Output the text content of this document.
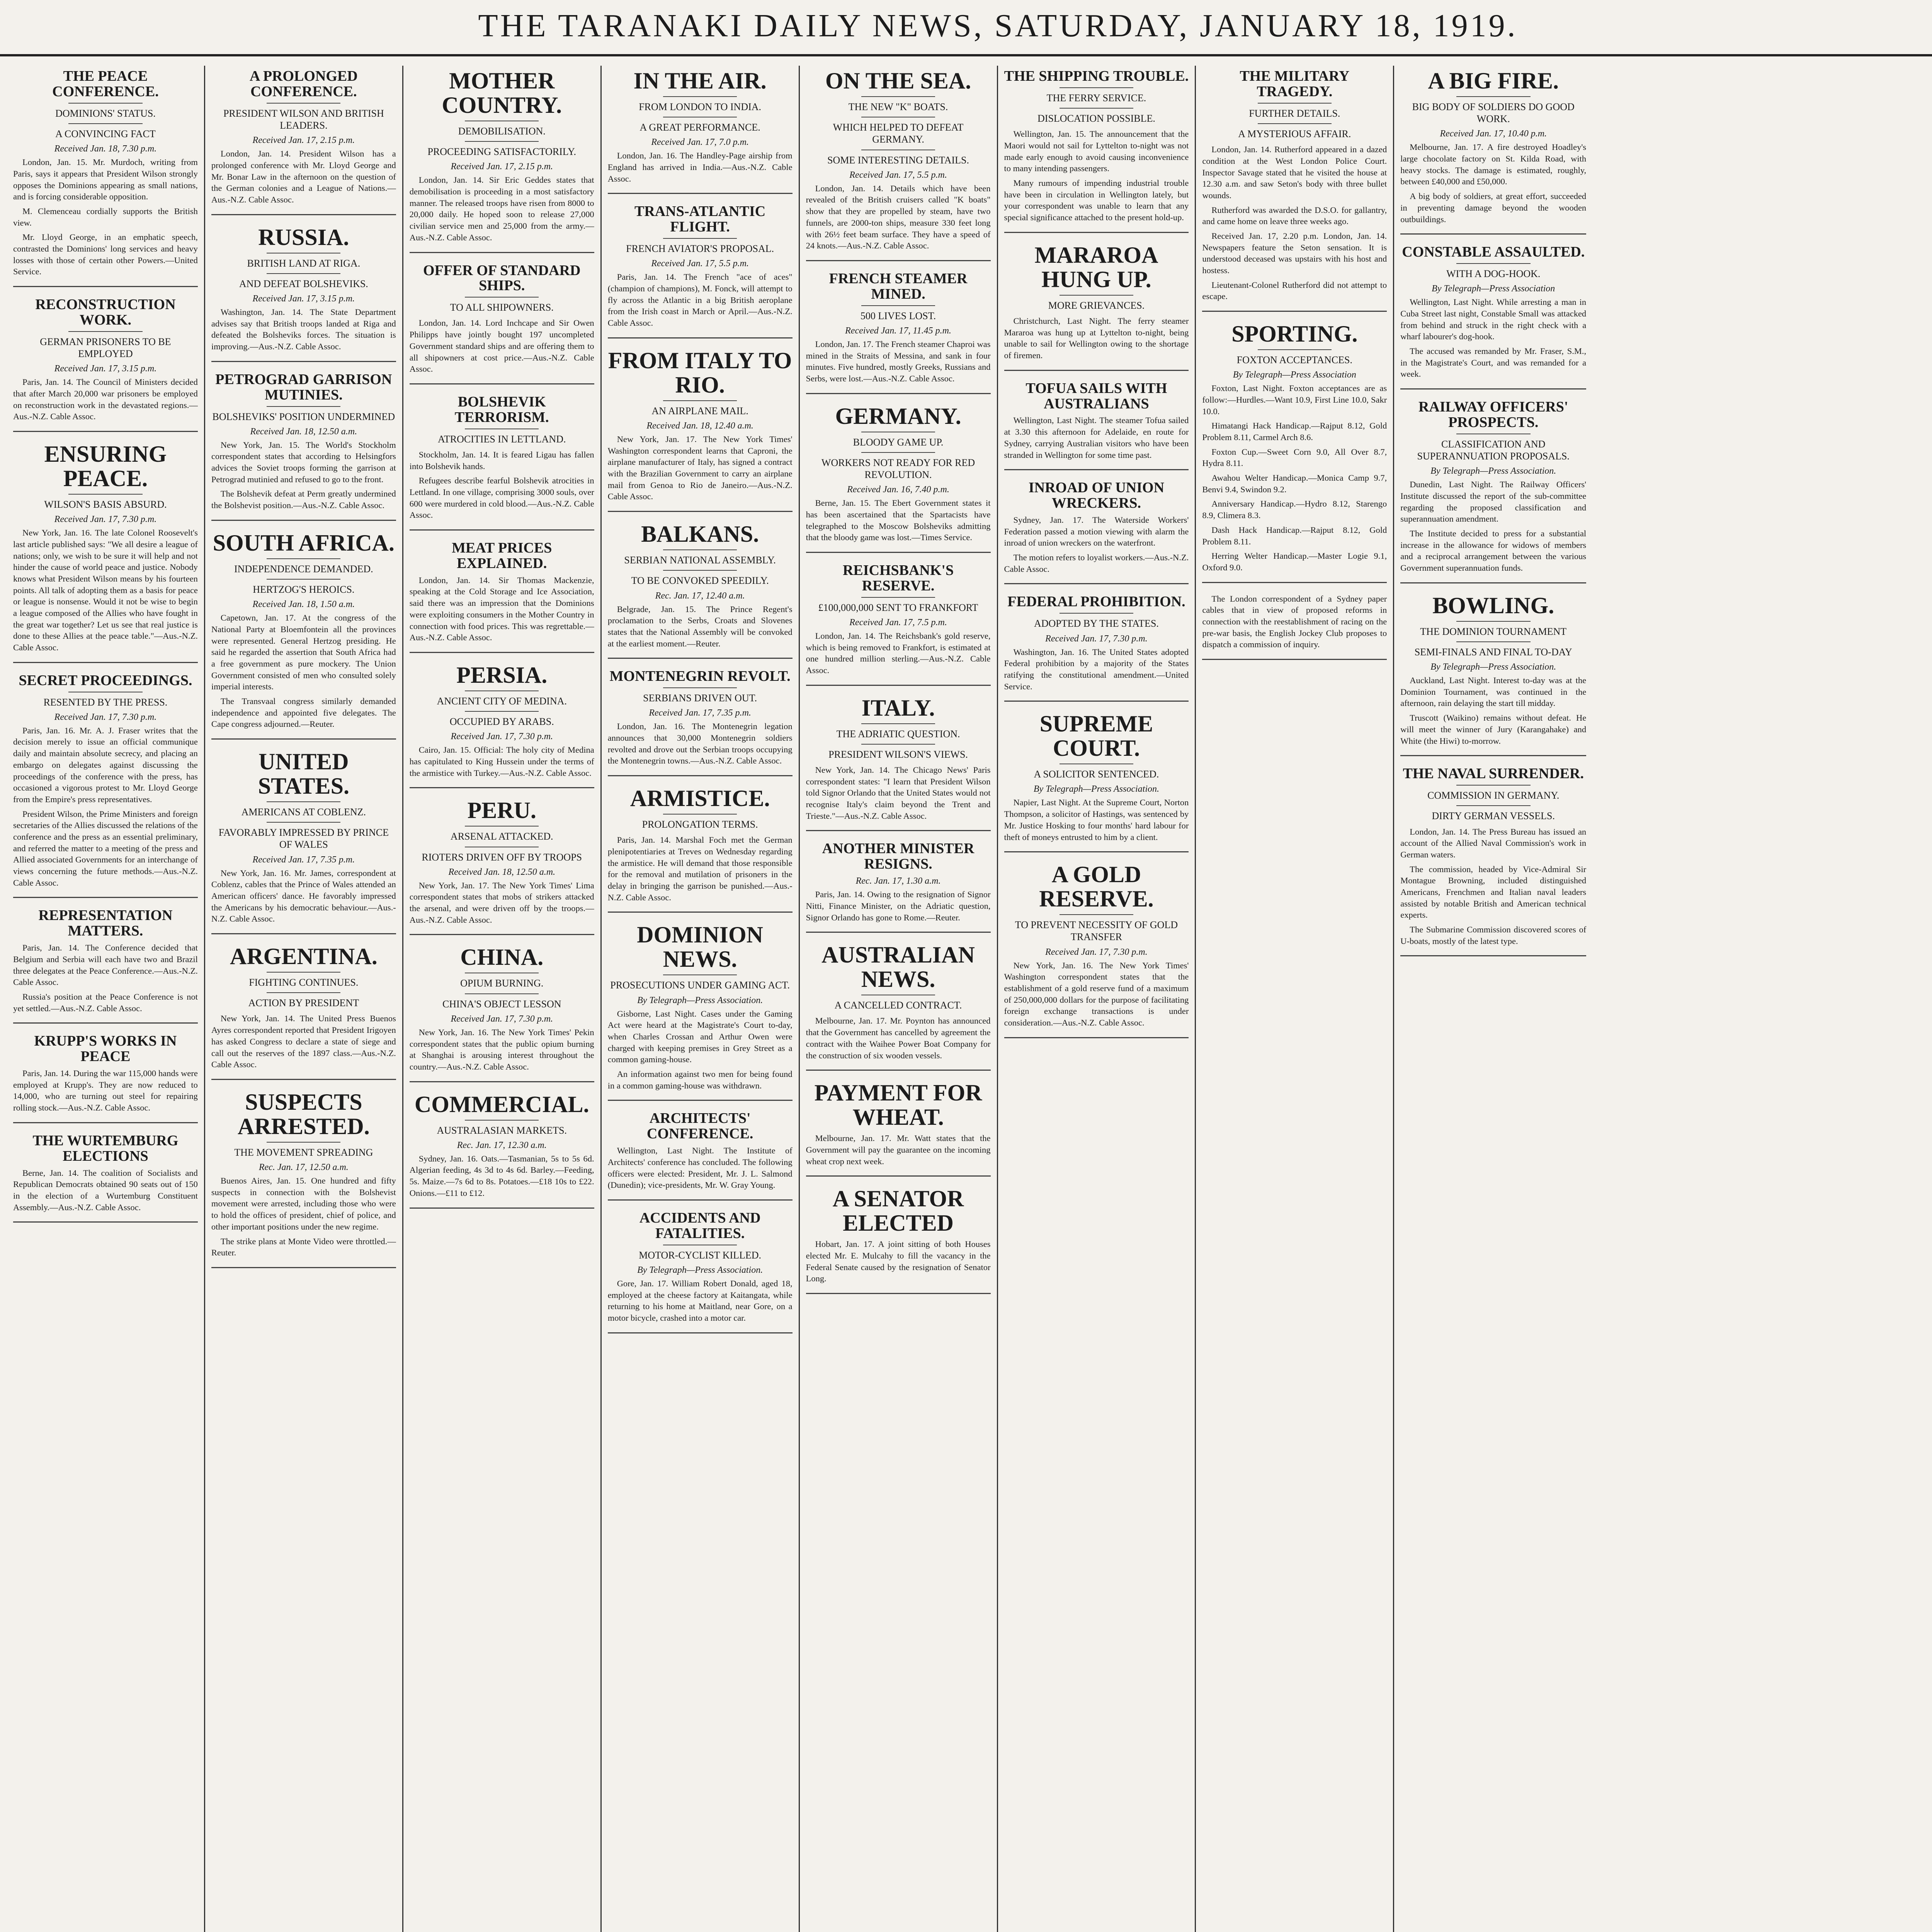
THE TARANAKI DAILY NEWS, SATURDAY, JANUARY 18, 1919.
THE PEACE CONFERENCE.
DOMINIONS' STATUS.
A CONVINCING FACT
Received Jan. 18, 7.30 p.m.

London, Jan. 15. Mr. Murdoch, writing from Paris, says it appears that President Wilson strongly opposes the Dominions appearing as small nations, and is forcing considerable opposition.

M. Clemenceau cordially supports the British view.

Mr. Lloyd George, in an emphatic speech, contrasted the Dominions' long services and heavy losses with those of certain other Powers.—United Service.

RECONSTRUCTION WORK.
GERMAN PRISONERS TO BE EMPLOYED
Received Jan. 17, 3.15 p.m.

Paris, Jan. 14. The Council of Ministers decided that after March 20,000 war prisoners be employed on reconstruction work in the devastated regions.—Aus.-N.Z. Cable Assoc.

ENSURING PEACE.
WILSON'S BASIS ABSURD.
Received Jan. 17, 7.30 p.m.

New York, Jan. 16. The late Colonel Roosevelt's last article published says: "We all desire a league of nations; only, we wish to be sure it will help and not hinder the cause of world peace and justice. Nobody knows what President Wilson means by his fourteen points. All talk of adopting them as a basis for peace or league is nonsense. Would it not be wise to begin a league composed of the Allies who have fought in the great war together? Let us see that real justice is done to these Allies at the peace table."—Aus.-N.Z. Cable Assoc.

SECRET PROCEEDINGS.
RESENTED BY THE PRESS.
Received Jan. 17, 7.30 p.m.

Paris, Jan. 16. Mr. A. J. Fraser writes that the decision merely to issue an official communique daily and maintain absolute secrecy, and placing an embargo on delegates against discussing the proceedings of the conference with the press, has occasioned a vigorous protest to Mr. Lloyd George from the Empire's press representatives.

President Wilson, the Prime Ministers and foreign secretaries of the Allies discussed the relations of the conference and the press as an essential preliminary, and referred the matter to a meeting of the press and Allied associated Governments for an interchange of views concerning the future methods.—Aus.-N.Z. Cable Assoc.

REPRESENTATION MATTERS.

Paris, Jan. 14. The Conference decided that Belgium and Serbia will each have two and Brazil three delegates at the Peace Conference.—Aus.-N.Z. Cable Assoc.

Russia's position at the Peace Conference is not yet settled.—Aus.-N.Z. Cable Assoc.

KRUPP'S WORKS IN PEACE

Paris, Jan. 14. During the war 115,000 hands were employed at Krupp's. They are now reduced to 14,000, who are turning out steel for repairing rolling stock.—Aus.-N.Z. Cable Assoc.

THE WURTEMBURG ELECTIONS

Berne, Jan. 14. The coalition of Socialists and Republican Democrats obtained 90 seats out of 150 in the election of a Wurtemburg Constituent Assembly.—Aus.-N.Z. Cable Assoc.

A PROLONGED CONFERENCE.
PRESIDENT WILSON AND BRITISH LEADERS.
Received Jan. 17, 2.15 p.m.

London, Jan. 14. President Wilson has a prolonged conference with Mr. Lloyd George and Mr. Bonar Law in the afternoon on the question of the German colonies and a League of Nations.—Aus.-N.Z. Cable Assoc.

RUSSIA.
BRITISH LAND AT RIGA.
AND DEFEAT BOLSHEVIKS.
Received Jan. 17, 3.15 p.m.

Washington, Jan. 14. The State Department advises say that British troops landed at Riga and defeated the Bolsheviks forces. The situation is improving.—Aus.-N.Z. Cable Assoc.

PETROGRAD GARRISON MUTINIES.
BOLSHEVIKS' POSITION UNDERMINED
Received Jan. 18, 12.50 a.m.

New York, Jan. 15. The World's Stockholm correspondent states that according to Helsingfors advices the Soviet troops forming the garrison at Petrograd mutinied and refused to go to the front.

The Bolshevik defeat at Perm greatly undermined the Bolshevist position.—Aus.-N.Z. Cable Assoc.

SOUTH AFRICA.
INDEPENDENCE DEMANDED.
HERTZOG'S HEROICS.
Received Jan. 18, 1.50 a.m.

Capetown, Jan. 17. At the congress of the National Party at Bloemfontein all the provinces were represented. General Hertzog presiding. He said he regarded the assertion that South Africa had a free government as pure mockery. The Union Government consisted of men who consulted solely imperial interests.

The Transvaal congress similarly demanded independence and appointed five delegates. The Cape congress adjourned.—Reuter.

UNITED STATES.
AMERICANS AT COBLENZ.
FAVORABLY IMPRESSED BY PRINCE OF WALES
Received Jan. 17, 7.35 p.m.

New York, Jan. 16. Mr. James, correspondent at Coblenz, cables that the Prince of Wales attended an American officers' dance. He favorably impressed the Americans by his democratic behaviour.—Aus.-N.Z. Cable Assoc.

ARGENTINA.
FIGHTING CONTINUES.
ACTION BY PRESIDENT

New York, Jan. 14. The United Press Buenos Ayres correspondent reported that President Irigoyen has asked Congress to declare a state of siege and call out the reserves of the 1897 class.—Aus.-N.Z. Cable Assoc.

SUSPECTS ARRESTED.
THE MOVEMENT SPREADING
Rec. Jan. 17, 12.50 a.m.

Buenos Aires, Jan. 15. One hundred and fifty suspects in connection with the Bolshevist movement were arrested, including those who were to hold the offices of president, chief of police, and other important positions under the new regime.

The strike plans at Monte Video were throttled.—Reuter.

MOTHER COUNTRY.
DEMOBILISATION.
PROCEEDING SATISFACTORILY.
Received Jan. 17, 2.15 p.m.

London, Jan. 14. Sir Eric Geddes states that demobilisation is proceeding in a most satisfactory manner. The released troops have risen from 8000 to 20,000 daily. He hoped soon to release 27,000 civilian service men and 25,000 from the army.—Aus.-N.Z. Cable Assoc.

OFFER OF STANDARD SHIPS.
TO ALL SHIPOWNERS.

London, Jan. 14. Lord Inchcape and Sir Owen Philipps have jointly bought 197 uncompleted Government standard ships and are offering them to all shipowners at cost price.—Aus.-N.Z. Cable Assoc.

BOLSHEVIK TERRORISM.
ATROCITIES IN LETTLAND.

Stockholm, Jan. 14. It is feared Ligau has fallen into Bolshevik hands.

Refugees describe fearful Bolshevik atrocities in Lettland. In one village, comprising 3000 souls, over 600 were murdered in cold blood.—Aus.-N.Z. Cable Assoc.

MEAT PRICES EXPLAINED.

London, Jan. 14. Sir Thomas Mackenzie, speaking at the Cold Storage and Ice Association, said there was an impression that the Dominions were exploiting consumers in the Mother Country in connection with food prices. This was regrettable.—Aus.-N.Z. Cable Assoc.

PERSIA.
ANCIENT CITY OF MEDINA.
OCCUPIED BY ARABS.
Received Jan. 17, 7.30 p.m.

Cairo, Jan. 15. Official: The holy city of Medina has capitulated to King Hussein under the terms of the armistice with Turkey.—Aus.-N.Z. Cable Assoc.

PERU.
ARSENAL ATTACKED.
RIOTERS DRIVEN OFF BY TROOPS
Received Jan. 18, 12.50 a.m.

New York, Jan. 17. The New York Times' Lima correspondent states that mobs of strikers attacked the arsenal, and were driven off by the troops.—Aus.-N.Z. Cable Assoc.

CHINA.
OPIUM BURNING.
CHINA'S OBJECT LESSON
Received Jan. 17, 7.30 p.m.

New York, Jan. 16. The New York Times' Pekin correspondent states that the public opium burning at Shanghai is arousing interest throughout the country.—Aus.-N.Z. Cable Assoc.

COMMERCIAL.
AUSTRALASIAN MARKETS.
Rec. Jan. 17, 12.30 a.m.

Sydney, Jan. 16. Oats.—Tasmanian, 5s to 5s 6d. Algerian feeding, 4s 3d to 4s 6d. Barley.—Feeding, 5s. Maize.—7s 6d to 8s. Potatoes.—£18 10s to £22. Onions.—£11 to £12.

IN THE AIR.
FROM LONDON TO INDIA.
A GREAT PERFORMANCE.
Received Jan. 17, 7.0 p.m.

London, Jan. 16. The Handley-Page airship from England has arrived in India.—Aus.-N.Z. Cable Assoc.

TRANS-ATLANTIC FLIGHT.
FRENCH AVIATOR'S PROPOSAL.
Received Jan. 17, 5.5 p.m.

Paris, Jan. 14. The French "ace of aces" (champion of champions), M. Fonck, will attempt to fly across the Atlantic in a big British aeroplane from the Irish coast in March or April.—Aus.-N.Z. Cable Assoc.

FROM ITALY TO RIO.
AN AIRPLANE MAIL.
Received Jan. 18, 12.40 a.m.

New York, Jan. 17. The New York Times' Washington correspondent learns that Caproni, the airplane manufacturer of Italy, has signed a contract with the Brazilian Government to carry an airplane mail from Genoa to Rio de Janeiro.—Aus.-N.Z. Cable Assoc.

BALKANS.
SERBIAN NATIONAL ASSEMBLY.
TO BE CONVOKED SPEEDILY.
Rec. Jan. 17, 12.40 a.m.

Belgrade, Jan. 15. The Prince Regent's proclamation to the Serbs, Croats and Slovenes states that the National Assembly will be convoked at the earliest moment.—Reuter.

MONTENEGRIN REVOLT.
SERBIANS DRIVEN OUT.
Received Jan. 17, 7.35 p.m.

London, Jan. 16. The Montenegrin legation announces that 30,000 Montenegrin soldiers revolted and drove out the Serbian troops occupying the Montenegrin towns.—Aus.-N.Z. Cable Assoc.

ARMISTICE.
PROLONGATION TERMS.

Paris, Jan. 14. Marshal Foch met the German plenipotentiaries at Treves on Wednesday regarding the armistice. He will demand that those responsible for the removal and mutilation of prisoners in the delay in bringing the garrison be punished.—Aus.-N.Z. Cable Assoc.

DOMINION NEWS.
PROSECUTIONS UNDER GAMING ACT.
By Telegraph—Press Association.

Gisborne, Last Night. Cases under the Gaming Act were heard at the Magistrate's Court to-day, when Charles Crossan and Arthur Owen were charged with keeping premises in Grey Street as a common gaming-house.

An information against two men for being found in a common gaming-house was withdrawn.

ARCHITECTS' CONFERENCE.

Wellington, Last Night. The Institute of Architects' conference has concluded. The following officers were elected: President, Mr. J. L. Salmond (Dunedin); vice-presidents, Mr. W. Gray Young.

ACCIDENTS AND FATALITIES.
MOTOR-CYCLIST KILLED.
By Telegraph—Press Association.

Gore, Jan. 17. William Robert Donald, aged 18, employed at the cheese factory at Kaitangata, while returning to his home at Maitland, near Gore, on a motor bicycle, crashed into a motor car.

ON THE SEA.
THE NEW "K" BOATS.
WHICH HELPED TO DEFEAT GERMANY.
SOME INTERESTING DETAILS.
Received Jan. 17, 5.5 p.m.

London, Jan. 14. Details which have been revealed of the British cruisers called "K boats" show that they are propelled by steam, have two funnels, are 2000-ton ships, measure 330 feet long with 26½ feet beam surface. They have a speed of 24 knots.—Aus.-N.Z. Cable Assoc.

FRENCH STEAMER MINED.
500 LIVES LOST.
Received Jan. 17, 11.45 p.m.

London, Jan. 17. The French steamer Chaproi was mined in the Straits of Messina, and sank in four minutes. Five hundred, mostly Greeks, Russians and Serbs, were lost.—Aus.-N.Z. Cable Assoc.

GERMANY.
BLOODY GAME UP.
WORKERS NOT READY FOR RED REVOLUTION.
Received Jan. 16, 7.40 p.m.

Berne, Jan. 15. The Ebert Government states it has been ascertained that the Spartacists have telegraphed to the Moscow Bolsheviks admitting that the bloody game was lost.—Times Service.

REICHSBANK'S RESERVE.
£100,000,000 SENT TO FRANKFORT
Received Jan. 17, 7.5 p.m.

London, Jan. 14. The Reichsbank's gold reserve, which is being removed to Frankfort, is estimated at one hundred million sterling.—Aus.-N.Z. Cable Assoc.

ITALY.
THE ADRIATIC QUESTION.
PRESIDENT WILSON'S VIEWS.

New York, Jan. 14. The Chicago News' Paris correspondent states: "I learn that President Wilson told Signor Orlando that the United States would not recognise Italy's claim beyond the Trent and Trieste."—Aus.-N.Z. Cable Assoc.

ANOTHER MINISTER RESIGNS.
Rec. Jan. 17, 1.30 a.m.

Paris, Jan. 14. Owing to the resignation of Signor Nitti, Finance Minister, on the Adriatic question, Signor Orlando has gone to Rome.—Reuter.

AUSTRALIAN NEWS.
A CANCELLED CONTRACT.

Melbourne, Jan. 17. Mr. Poynton has announced that the Government has cancelled by agreement the contract with the Waihee Power Boat Company for the construction of six wooden vessels.

PAYMENT FOR WHEAT.

Melbourne, Jan. 17. Mr. Watt states that the Government will pay the guarantee on the incoming wheat crop next week.

A SENATOR ELECTED

Hobart, Jan. 17. A joint sitting of both Houses elected Mr. E. Mulcahy to fill the vacancy in the Federal Senate caused by the resignation of Senator Long.

THE SHIPPING TROUBLE.
THE FERRY SERVICE.
DISLOCATION POSSIBLE.

Wellington, Jan. 15. The announcement that the Maori would not sail for Lyttelton to-night was not made early enough to avoid causing inconvenience to many intending passengers.

Many rumours of impending industrial trouble have been in circulation in Wellington lately, but your correspondent was unable to learn that any special significance attached to the present hold-up.

MARAROA HUNG UP.
MORE GRIEVANCES.

Christchurch, Last Night. The ferry steamer Mararoa was hung up at Lyttelton to-night, being unable to sail for Wellington owing to the shortage of firemen.

TOFUA SAILS WITH AUSTRALIANS

Wellington, Last Night. The steamer Tofua sailed at 3.30 this afternoon for Adelaide, en route for Sydney, carrying Australian visitors who have been stranded in Wellington for some time past.

INROAD OF UNION WRECKERS.

Sydney, Jan. 17. The Waterside Workers' Federation passed a motion viewing with alarm the inroad of union wreckers on the waterfront.

The motion refers to loyalist workers.—Aus.-N.Z. Cable Assoc.

FEDERAL PROHIBITION.
ADOPTED BY THE STATES.
Received Jan. 17, 7.30 p.m.

Washington, Jan. 16. The United States adopted Federal prohibition by a majority of the States ratifying the constitutional amendment.—United Service.

SUPREME COURT.
A SOLICITOR SENTENCED.
By Telegraph—Press Association.

Napier, Last Night. At the Supreme Court, Norton Thompson, a solicitor of Hastings, was sentenced by Mr. Justice Hosking to four months' hard labour for theft of moneys entrusted to him by a client.

A GOLD RESERVE.
TO PREVENT NECESSITY OF GOLD TRANSFER
Received Jan. 17, 7.30 p.m.

New York, Jan. 16. The New York Times' Washington correspondent states that the establishment of a gold reserve fund of a maximum of 250,000,000 dollars for the purpose of facilitating foreign exchange transactions is under consideration.—Aus.-N.Z. Cable Assoc.

THE MILITARY TRAGEDY.
FURTHER DETAILS.
A MYSTERIOUS AFFAIR.

London, Jan. 14. Rutherford appeared in a dazed condition at the West London Police Court. Inspector Savage stated that he visited the house at 12.30 a.m. and saw Seton's body with three bullet wounds.

Rutherford was awarded the D.S.O. for gallantry, and came home on leave three weeks ago.

Received Jan. 17, 2.20 p.m. London, Jan. 14. Newspapers feature the Seton sensation. It is understood deceased was upstairs with his host and hostess.

Lieutenant-Colonel Rutherford did not attempt to escape.

SPORTING.
FOXTON ACCEPTANCES.
By Telegraph—Press Association

Foxton, Last Night. Foxton acceptances are as follow:—Hurdles.—Want 10.9, First Line 10.0, Sakr 10.0.

Himatangi Hack Handicap.—Rajput 8.12, Gold Problem 8.11, Carmel Arch 8.6.

Foxton Cup.—Sweet Corn 9.0, All Over 8.7, Hydra 8.11.

Awahou Welter Handicap.—Monica Camp 9.7, Benvi 9.4, Swindon 9.2.

Anniversary Handicap.—Hydro 8.12, Starengo 8.9, Climera 8.3.

Dash Hack Handicap.—Rajput 8.12, Gold Problem 8.11.

Herring Welter Handicap.—Master Logie 9.1, Oxford 9.0.

The London correspondent of a Sydney paper cables that in view of proposed reforms in connection with the reestablishment of racing on the pre-war basis, the English Jockey Club proposes to dispatch a commission of inquiry.

A BIG FIRE.
BIG BODY OF SOLDIERS DO GOOD WORK.
Received Jan. 17, 10.40 p.m.

Melbourne, Jan. 17. A fire destroyed Hoadley's large chocolate factory on St. Kilda Road, with heavy stocks. The damage is estimated, roughly, between £40,000 and £50,000.

A big body of soldiers, at great effort, succeeded in preventing damage beyond the wooden outbuildings.

CONSTABLE ASSAULTED.
WITH A DOG-HOOK.
By Telegraph—Press Association

Wellington, Last Night. While arresting a man in Cuba Street last night, Constable Small was attacked from behind and struck in the right check with a wharf labourer's dog-hook.

The accused was remanded by Mr. Fraser, S.M., in the Magistrate's Court, and was remanded for a week.

RAILWAY OFFICERS' PROSPECTS.
CLASSIFICATION AND SUPERANNUATION PROPOSALS.
By Telegraph—Press Association.

Dunedin, Last Night. The Railway Officers' Institute discussed the report of the sub-committee regarding the proposed classification and superannuation amendment.

The Institute decided to press for a substantial increase in the allowance for widows of members and a reciprocal arrangement between the various Government superannuation funds.

BOWLING.
THE DOMINION TOURNAMENT
SEMI-FINALS AND FINAL TO-DAY
By Telegraph—Press Association.

Auckland, Last Night. Interest to-day was at the Dominion Tournament, was continued in the afternoon, rain delaying the start till midday.

Truscott (Waikino) remains without defeat. He will meet the winner of Jury (Karangahake) and White (the Hiwi) to-morrow.

THE NAVAL SURRENDER.
COMMISSION IN GERMANY.
DIRTY GERMAN VESSELS.

London, Jan. 14. The Press Bureau has issued an account of the Allied Naval Commission's work in German waters.

The commission, headed by Vice-Admiral Sir Montague Browning, included distinguished Americans, Frenchmen and Italian naval leaders assisted by notable British and American technical experts.

The Submarine Commission discovered scores of U-boats, mostly of the latest type.
